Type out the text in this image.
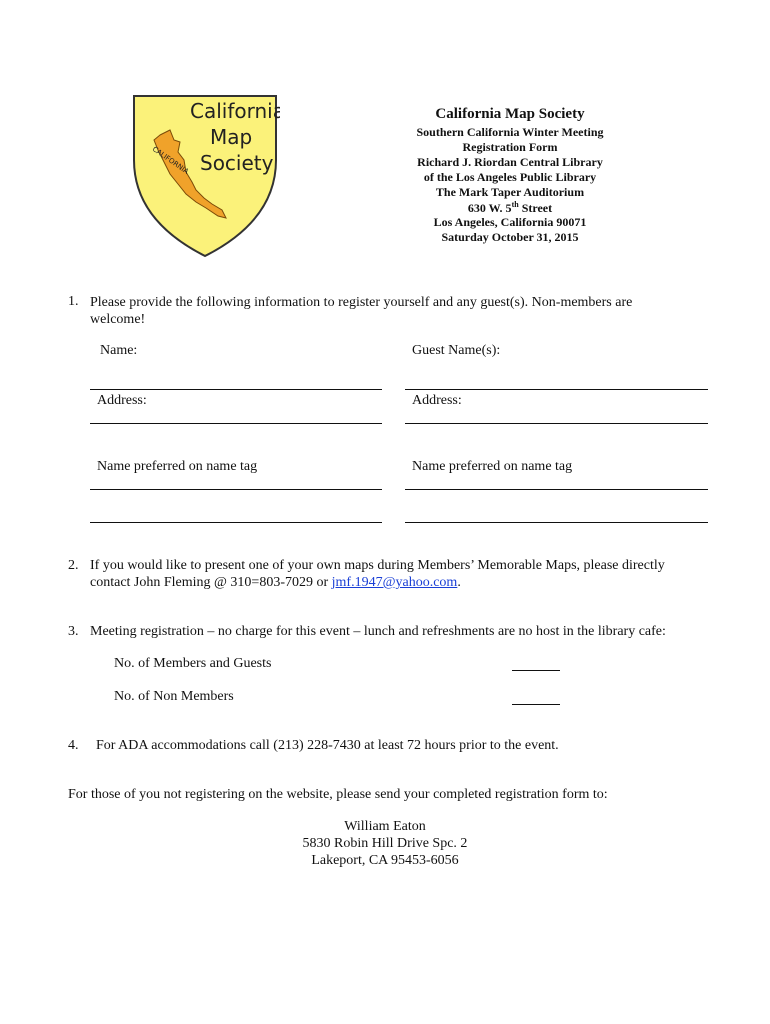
California
Map
Society
CALIFORNIA
California Map Society
Southern California Winter Meeting
Registration Form
Richard J. Riordan Central Library
of the Los Angeles Public Library
The Mark Taper Auditorium
630 W. 5th Street
Los Angeles, California 90071
Saturday October 31, 2015
1. Please provide the following information to register yourself and any guest(s). Non-members are welcome!
Name:	Guest Name(s):
Address:	Address:
Name preferred on name tag	Name preferred on name tag
2. If you would like to present one of your own maps during Members’ Memorable Maps, please directly
contact John Fleming @ 310=803-7029 or jmf.1947@yahoo.com.
3. Meeting registration – no charge for this event – lunch and refreshments are no host in the library cafe:
No. of Members and Guests
No. of Non Members
4. For ADA accommodations call (213) 228-7430 at least 72 hours prior to the event.
For those of you not registering on the website, please send your completed registration form to:
William Eaton
5830 Robin Hill Drive Spc. 2
Lakeport, CA 95453-6056
